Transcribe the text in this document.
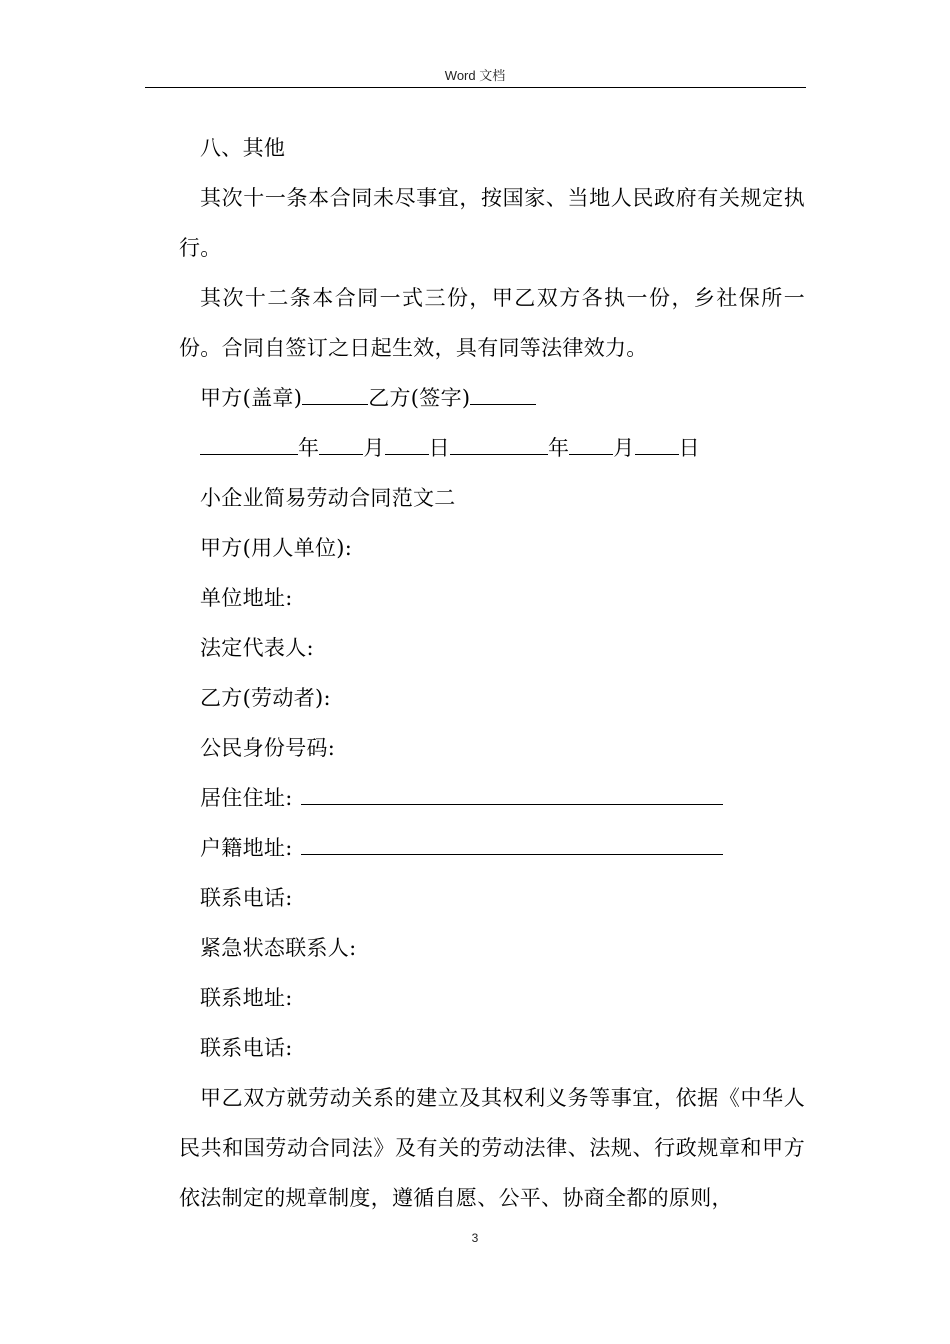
Word 文档

八、其他

其次十一条本合同未尽事宜，按国家、当地人民政府有关规定执行。

其次十二条本合同一式三份，甲乙双方各执一份，乡社保所一份。合同自签订之日起生效，具有同等法律效力。

甲方(盖章)	乙方(签字)

年 月 日	年 月 日

小企业简易劳动合同范文二

甲方(用人单位):

单位地址:

法定代表人:

乙方(劳动者):

公民身份号码:

居住住址:

户籍地址:

联系电话:

紧急状态联系人:

联系地址:

联系电话:

甲乙双方就劳动关系的建立及其权利义务等事宜，依据《中华人民共和国劳动合同法》及有关的劳动法律、法规、行政规章和甲方依法制定的规章制度，遵循自愿、公平、协商全都的原则，

3
